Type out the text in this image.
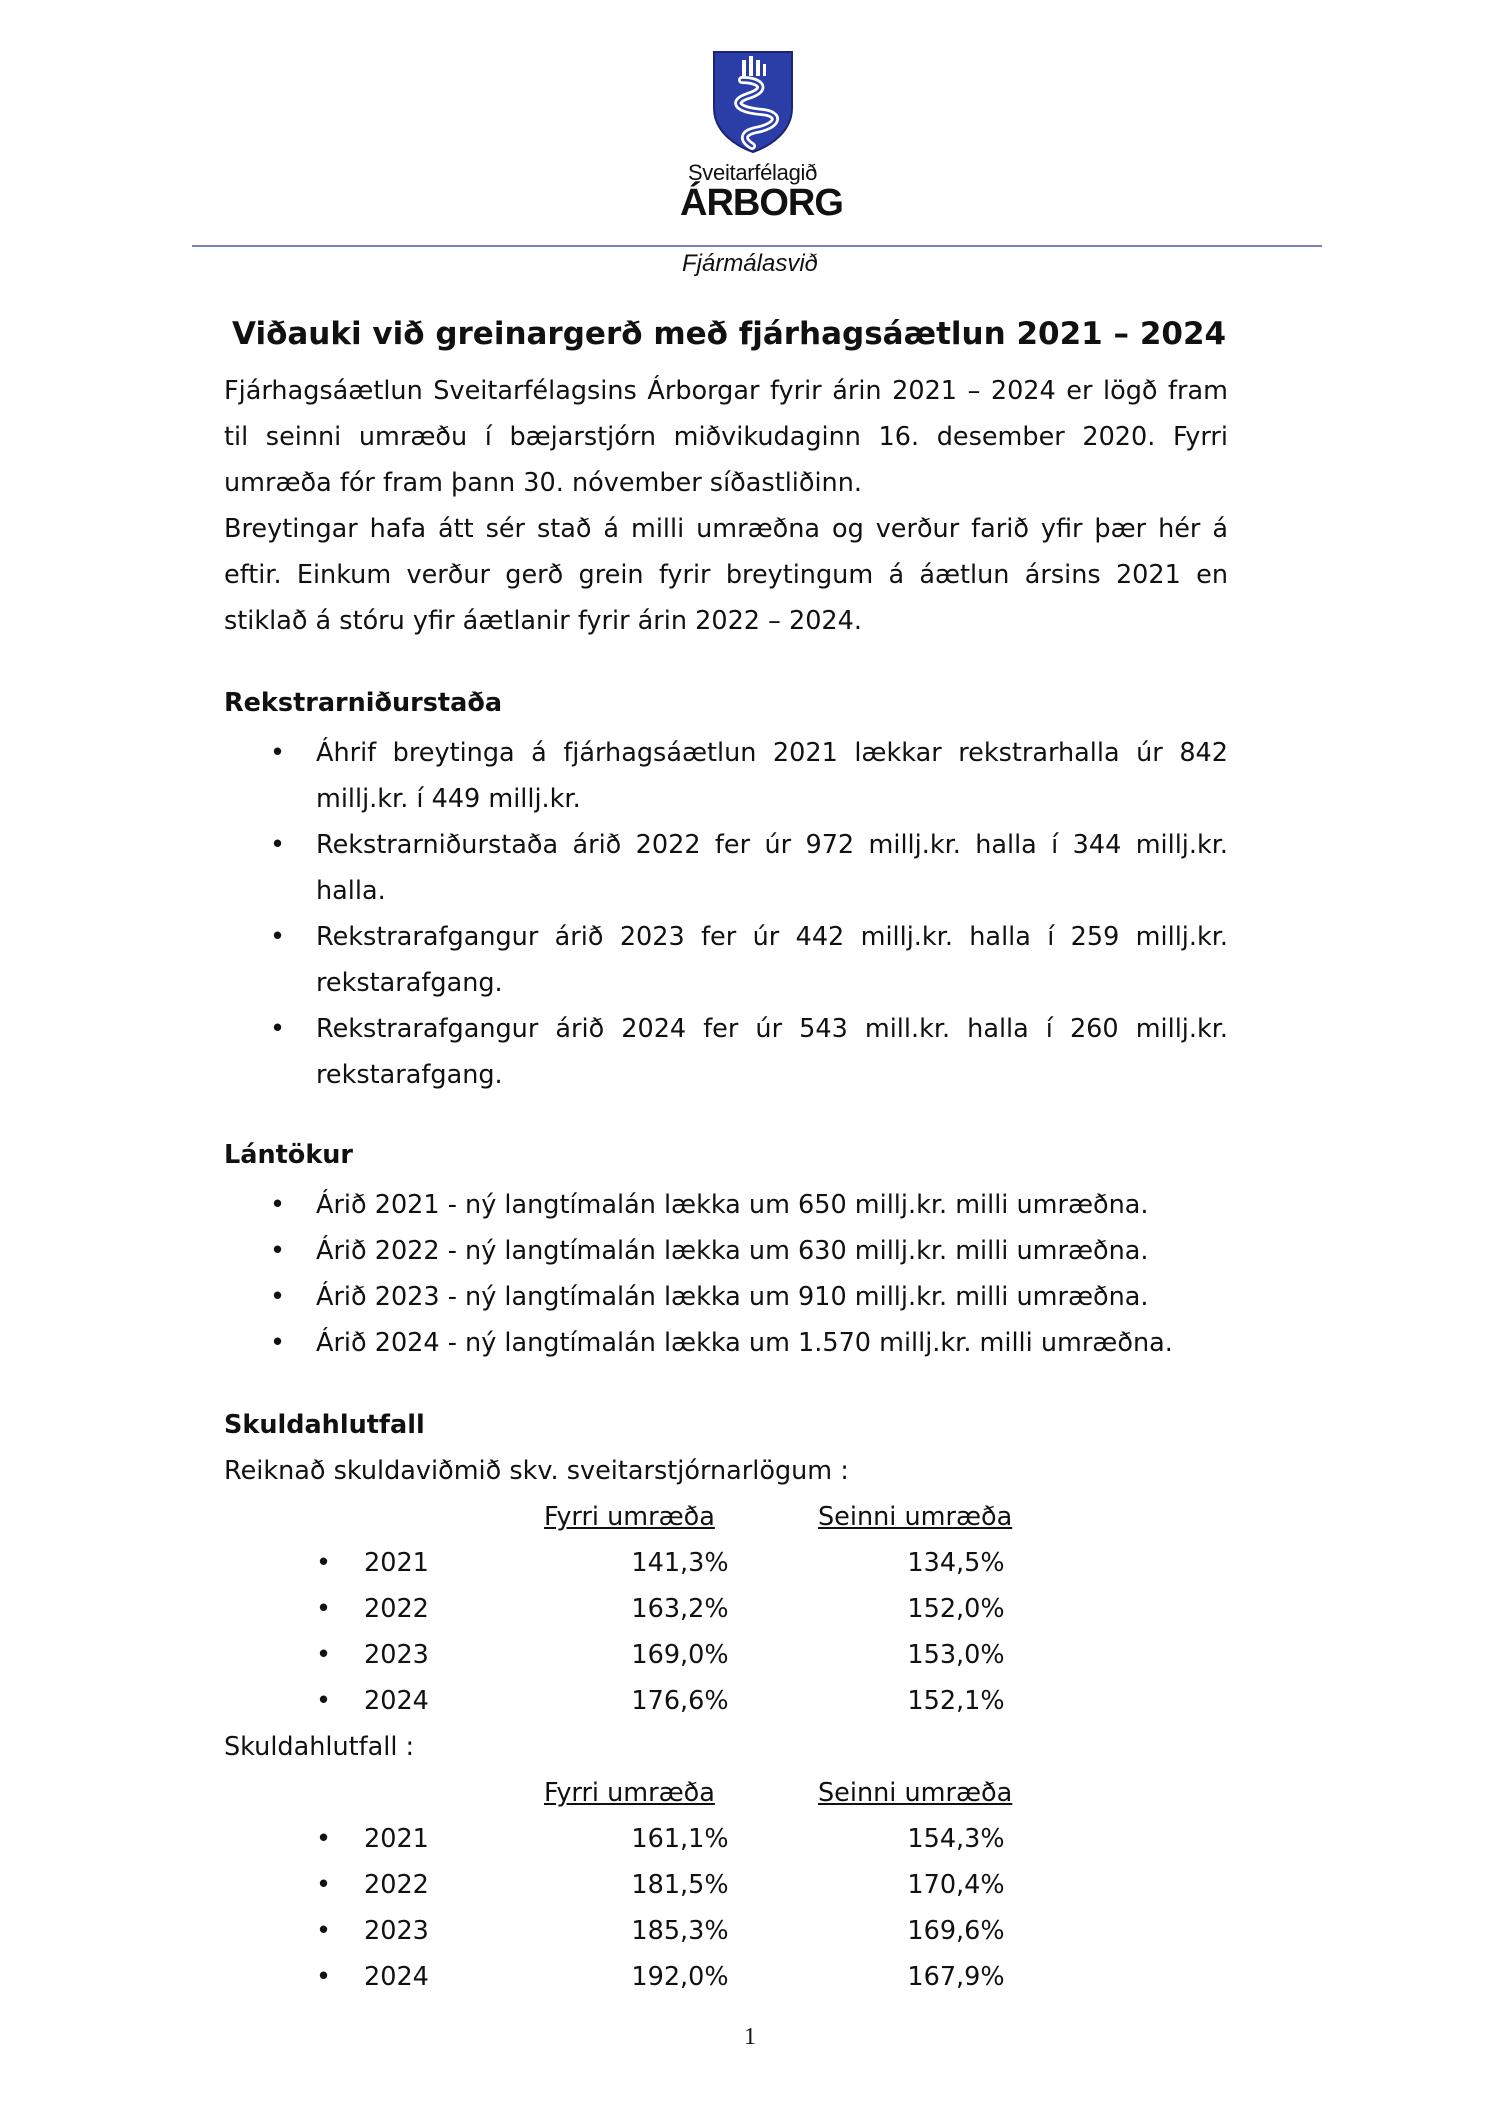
Sveitarfélagið
ÁRBORG
Fjármálasvið
Viðauki við greinargerð með fjárhagsáætlun 2021 – 2024

Fjárhagsáætlun Sveitarfélagsins Árborgar fyrir árin 2021 – 2024 er lögð fram til seinni umræðu í bæjarstjórn miðvikudaginn 16. desember 2020. Fyrri umræða fór fram þann 30. nóvember síðastliðinn.

Breytingar hafa átt sér stað á milli umræðna og verður farið yfir þær hér á eftir. Einkum verður gerð grein fyrir breytingum á áætlun ársins 2021 en stiklað á stóru yfir áætlanir fyrir árin 2022 – 2024.

Rekstrarniðurstaða
• Áhrif breytinga á fjárhagsáætlun 2021 lækkar rekstrarhalla úr 842 millj.kr. í 449 millj.kr.
• Rekstrarniðurstaða árið 2022 fer úr 972 millj.kr. halla í 344 millj.kr. halla.
• Rekstrarafgangur árið 2023 fer úr 442 millj.kr. halla í 259 millj.kr. rekstarafgang.
• Rekstrarafgangur árið 2024 fer úr 543 mill.kr. halla í 260 millj.kr. rekstarafgang.
Lántökur
• Árið 2021 - ný langtímalán lækka um 650 millj.kr. milli umræðna.
• Árið 2022 - ný langtímalán lækka um 630 millj.kr. milli umræðna.
• Árið 2023 - ný langtímalán lækka um 910 millj.kr. milli umræðna.
• Árið 2024 - ný langtímalán lækka um 1.570 millj.kr. milli umræðna.
Skuldahlutfall
Reiknað skuldaviðmið skv. sveitarstjórnarlögum :
Fyrri umræða	Seinni umræða
• 2021	141,3%	134,5%
• 2022	163,2%	152,0%
• 2023	169,0%	153,0%
• 2024	176,6%	152,1%
Skuldahlutfall :
Fyrri umræða	Seinni umræða
• 2021	161,1%	154,3%
• 2022	181,5%	170,4%
• 2023	185,3%	169,6%
• 2024	192,0%	167,9%
1
